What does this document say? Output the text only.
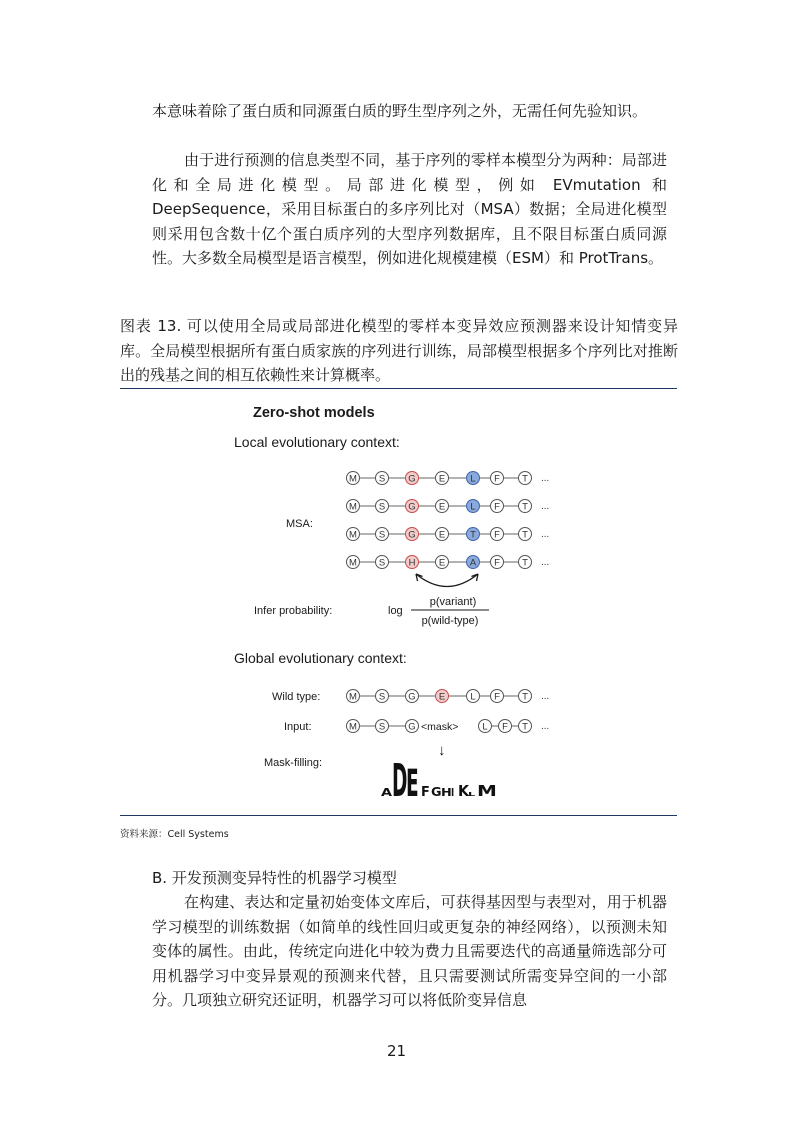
本意味着除了蛋白质和同源蛋白质的野生型序列之外，无需任何先验知识。

由于进行预测的信息类型不同，基于序列的零样本模型分为两种：局部进化和全局进化模型。局部进化模型，例如 EVmutation 和 DeepSequence，采用目标蛋白的多序列比对（MSA）数据；全局进化模型则采用包含数十亿个蛋白质序列的大型序列数据库，且不限目标蛋白质同源性。大多数全局模型是语言模型，例如进化规模建模（ESM）和 ProtTrans。

图表 13. 可以使用全局或局部进化模型的零样本变异效应预测器来设计知情变异库。全局模型根据所有蛋白质家族的序列进行训练，局部模型根据多个序列比对推断出的残基之间的相互依赖性来计算概率。

Zero-shot models
Local evolutionary context:
MSA:
M S G E	L F T ...
M S G E	L F T ...
M S G E	T F T ...
M S H E	A F T ...
Infer probability:	log
p(variant)
p(wild-type)
Global evolutionary context:
Wild type:	M S G E	L F T ...
Input:	M S G <mask>	L F T ...
↓
Mask-filling:
A D
E F G H I K
L M
资料来源：Cell Systems
B. 开发预测变异特性的机器学习模型

在构建、表达和定量初始变体文库后，可获得基因型与表型对，用于机器学习模型的训练数据（如简单的线性回归或更复杂的神经网络），以预测未知变体的属性。由此，传统定向进化中较为费力且需要迭代的高通量筛选部分可用机器学习中变异景观的预测来代替，且只需要测试所需变异空间的一小部分。几项独立研究还证明，机器学习可以将低阶变异信息

21
